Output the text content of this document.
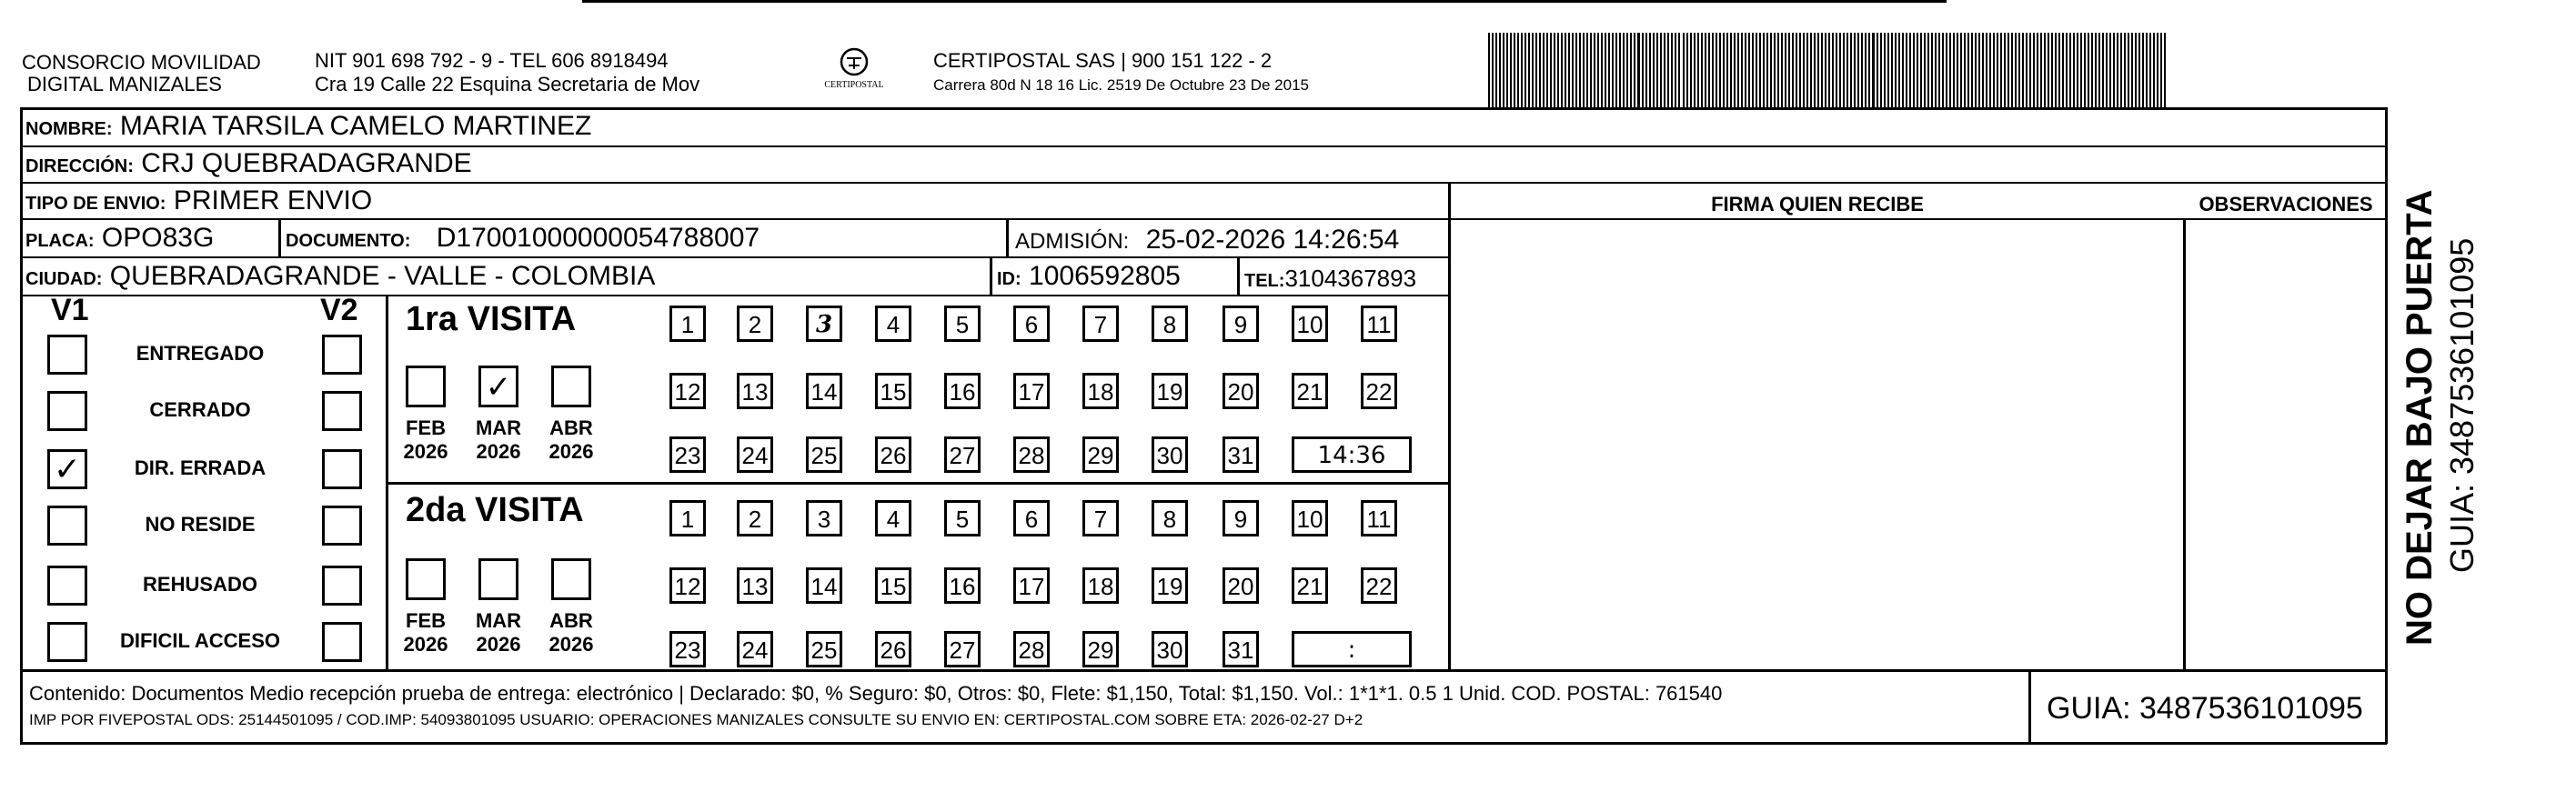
CONSORCIO MOVILIDAD
DIGITAL MANIZALES
NIT 901 698 792 - 9 - TEL 606 8918494
Cra 19 Calle 22 Esquina Secretaria de Mov	CERTIPOSTAL
CERTIPOSTAL SAS | 900 151 122 - 2
Carrera 80d N 18 16 Lic. 2519 De Octubre 23 De 2015
NOMBRE: MARIA TARSILA CAMELO MARTINEZ
DIRECCIÓN: CRJ QUEBRADAGRANDE
TIPO DE ENVIO: PRIMER ENVIO	FIRMA QUIEN RECIBE	OBSERVACIONES
PLACA: OPO83G	DOCUMENTO: D17001000000054788007	ADMISIÓN: 25-02-2026 14:26:54
CIUDAD: QUEBRADAGRANDE - VALLE - COLOMBIA	ID: 1006592805	TEL:3104367893
V1	V2
ENTREGADO
CERRADO
✓	DIR. ERRADA
NO RESIDE
REHUSADO
DIFICIL ACCESO
1ra VISITA
2da VISITA
FEB
2026
✓
MAR
2026
ABR
2026
FEB
2026
MAR
2026
ABR
2026
1	2	3	4	5	6	7	8	9	10 11
12 13 14 15 16 17 18 19 20 21 22
23 24 25 26 27 28 29 30 31	14:36
1	2	3	4	5	6	7	8	9	10 11
12 13 14 15 16 17 18 19 20 21 22
23 24 25 26 27 28 29 30 31	:
Contenido: Documentos Medio recepción prueba de entrega: electrónico | Declarado: $0, % Seguro: $0, Otros: $0, Flete: $1,150, Total: $1,150. Vol.: 1*1*1. 0.5 1 Unid. COD. POSTAL: 761540
IMP POR FIVEPOSTAL ODS: 25144501095 / COD.IMP: 54093801095 USUARIO: OPERACIONES MANIZALES CONSULTE SU ENVIO EN: CERTIPOSTAL.COM SOBRE ETA: 2026-02-27 D+2	GUIA: 3487536101095
NO DEJAR BAJO PUERTA GUIA: 3487536101095
